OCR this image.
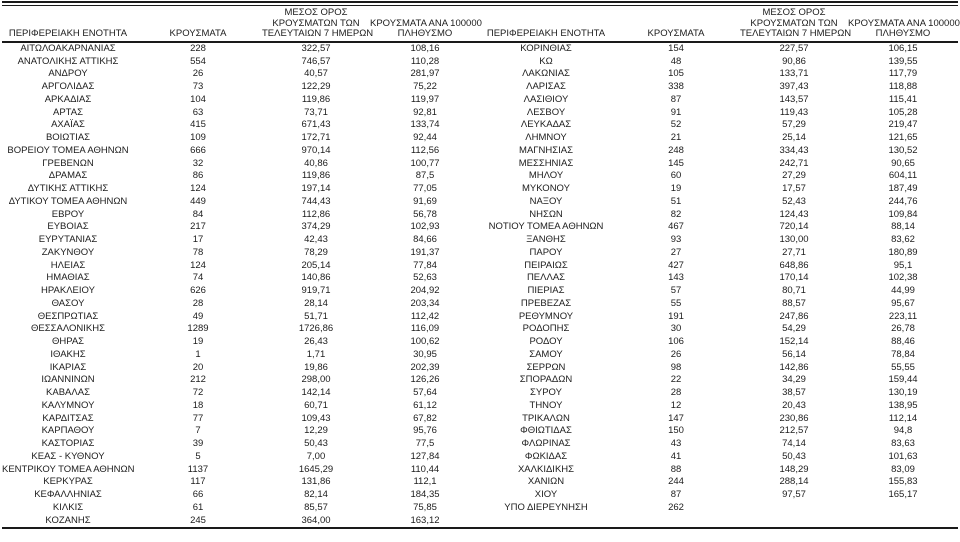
ΠΕΡΙΦΕΡΕΙΑΚΗ ΕΝΟΤΗΤΑ	ΚΡΟΥΣΜΑΤΑ	ΜΕΣΟΣ ΟΡΟΣ
ΚΡΟΥΣΜΑΤΩΝ ΤΩΝ
ΤΕΛΕΥΤΑΙΩΝ 7 ΗΜΕΡΩΝ	ΚΡΟΥΣΜΑΤΑ ΑΝΑ 100000
ΠΛΗΘΥΣΜΟ

ΑΙΤΩΛΟΑΚΑΡΝΑΝΙΑΣ	228	322,57	108,16
ΑΝΑΤΟΛΙΚΗΣ ΑΤΤΙΚΗΣ	554	746,57	110,28
ΑΝΔΡΟΥ	26	40,57	281,97
ΑΡΓΟΛΙΔΑΣ	73	122,29	75,22
ΑΡΚΑΔΙΑΣ	104	119,86	119,97
ΑΡΤΑΣ	63	73,71	92,81
ΑΧΑΪΑΣ	415	671,43	133,74
ΒΟΙΩΤΙΑΣ	109	172,71	92,44
ΒΟΡΕΙΟΥ ΤΟΜΕΑ ΑΘΗΝΩΝ	666	970,14	112,56
ΓΡΕΒΕΝΩΝ	32	40,86	100,77
ΔΡΑΜΑΣ	86	119,86	87,5
ΔΥΤΙΚΗΣ ΑΤΤΙΚΗΣ	124	197,14	77,05
ΔΥΤΙΚΟΥ ΤΟΜΕΑ ΑΘΗΝΩΝ	449	744,43	91,69
ΕΒΡΟΥ	84	112,86	56,78
ΕΥΒΟΙΑΣ	217	374,29	102,93
ΕΥΡΥΤΑΝΙΑΣ	17	42,43	84,66
ΖΑΚΥΝΘΟΥ	78	78,29	191,37
ΗΛΕΙΑΣ	124	205,14	77,84
ΗΜΑΘΙΑΣ	74	140,86	52,63
ΗΡΑΚΛΕΙΟΥ	626	919,71	204,92
ΘΑΣΟΥ	28	28,14	203,34
ΘΕΣΠΡΩΤΙΑΣ	49	51,71	112,42
ΘΕΣΣΑΛΟΝΙΚΗΣ	1289	1726,86	116,09
ΘΗΡΑΣ	19	26,43	100,62
ΙΘΑΚΗΣ	1	1,71	30,95
ΙΚΑΡΙΑΣ	20	19,86	202,39
ΙΩΑΝΝΙΝΩΝ	212	298,00	126,26
ΚΑΒΑΛΑΣ	72	142,14	57,64
ΚΑΛΥΜΝΟΥ	18	60,71	61,12
ΚΑΡΔΙΤΣΑΣ	77	109,43	67,82
ΚΑΡΠΑΘΟΥ	7	12,29	95,76
ΚΑΣΤΟΡΙΑΣ	39	50,43	77,5
ΚΕΑΣ - ΚΥΘΝΟΥ	5	7,00	127,84
ΚΕΝΤΡΙΚΟΥ ΤΟΜΕΑ ΑΘΗΝΩΝ	1137	1645,29	110,44
ΚΕΡΚΥΡΑΣ	117	131,86	112,1
ΚΕΦΑΛΛΗΝΙΑΣ	66	82,14	184,35
ΚΙΛΚΙΣ	61	85,57	75,85
ΚΟΖΑΝΗΣ	245	364,00	163,12
ΠΕΡΙΦΕΡΕΙΑΚΗ ΕΝΟΤΗΤΑ	ΚΡΟΥΣΜΑΤΑ	ΜΕΣΟΣ ΟΡΟΣ
ΚΡΟΥΣΜΑΤΩΝ ΤΩΝ
ΤΕΛΕΥΤΑΙΩΝ 7 ΗΜΕΡΩΝ	ΚΡΟΥΣΜΑΤΑ ΑΝΑ 100000
ΠΛΗΘΥΣΜΟ

ΚΟΡΙΝΘΙΑΣ	154	227,57	106,15
ΚΩ	48	90,86	139,55
ΛΑΚΩΝΙΑΣ	105	133,71	117,79
ΛΑΡΙΣΑΣ	338	397,43	118,88
ΛΑΣΙΘΙΟΥ	87	143,57	115,41
ΛΕΣΒΟΥ	91	119,43	105,28
ΛΕΥΚΑΔΑΣ	52	57,29	219,47
ΛΗΜΝΟΥ	21	25,14	121,65
ΜΑΓΝΗΣΙΑΣ	248	334,43	130,52
ΜΕΣΣΗΝΙΑΣ	145	242,71	90,65
ΜΗΛΟΥ	60	27,29	604,11
ΜΥΚΟΝΟΥ	19	17,57	187,49
ΝΑΞΟΥ	51	52,43	244,76
ΝΗΣΩΝ	82	124,43	109,84
ΝΟΤΙΟΥ ΤΟΜΕΑ ΑΘΗΝΩΝ	467	720,14	88,14
ΞΑΝΘΗΣ	93	130,00	83,62
ΠΑΡΟΥ	27	27,71	180,89
ΠΕΙΡΑΙΩΣ	427	648,86	95,1
ΠΕΛΛΑΣ	143	170,14	102,38
ΠΙΕΡΙΑΣ	57	80,71	44,99
ΠΡΕΒΕΖΑΣ	55	88,57	95,67
ΡΕΘΥΜΝΟΥ	191	247,86	223,11
ΡΟΔΟΠΗΣ	30	54,29	26,78
ΡΟΔΟΥ	106	152,14	88,46
ΣΑΜΟΥ	26	56,14	78,84
ΣΕΡΡΩΝ	98	142,86	55,55
ΣΠΟΡΑΔΩΝ	22	34,29	159,44
ΣΥΡΟΥ	28	38,57	130,19
ΤΗΝΟΥ	12	20,43	138,95
ΤΡΙΚΑΛΩΝ	147	230,86	112,14
ΦΘΙΩΤΙΔΑΣ	150	212,57	94,8
ΦΛΩΡΙΝΑΣ	43	74,14	83,63
ΦΩΚΙΔΑΣ	41	50,43	101,63
ΧΑΛΚΙΔΙΚΗΣ	88	148,29	83,09
ΧΑΝΙΩΝ	244	288,14	155,83
ΧΙΟΥ	87	97,57	165,17
ΥΠΟ ΔΙΕΡΕΥΝΗΣΗ	262		
